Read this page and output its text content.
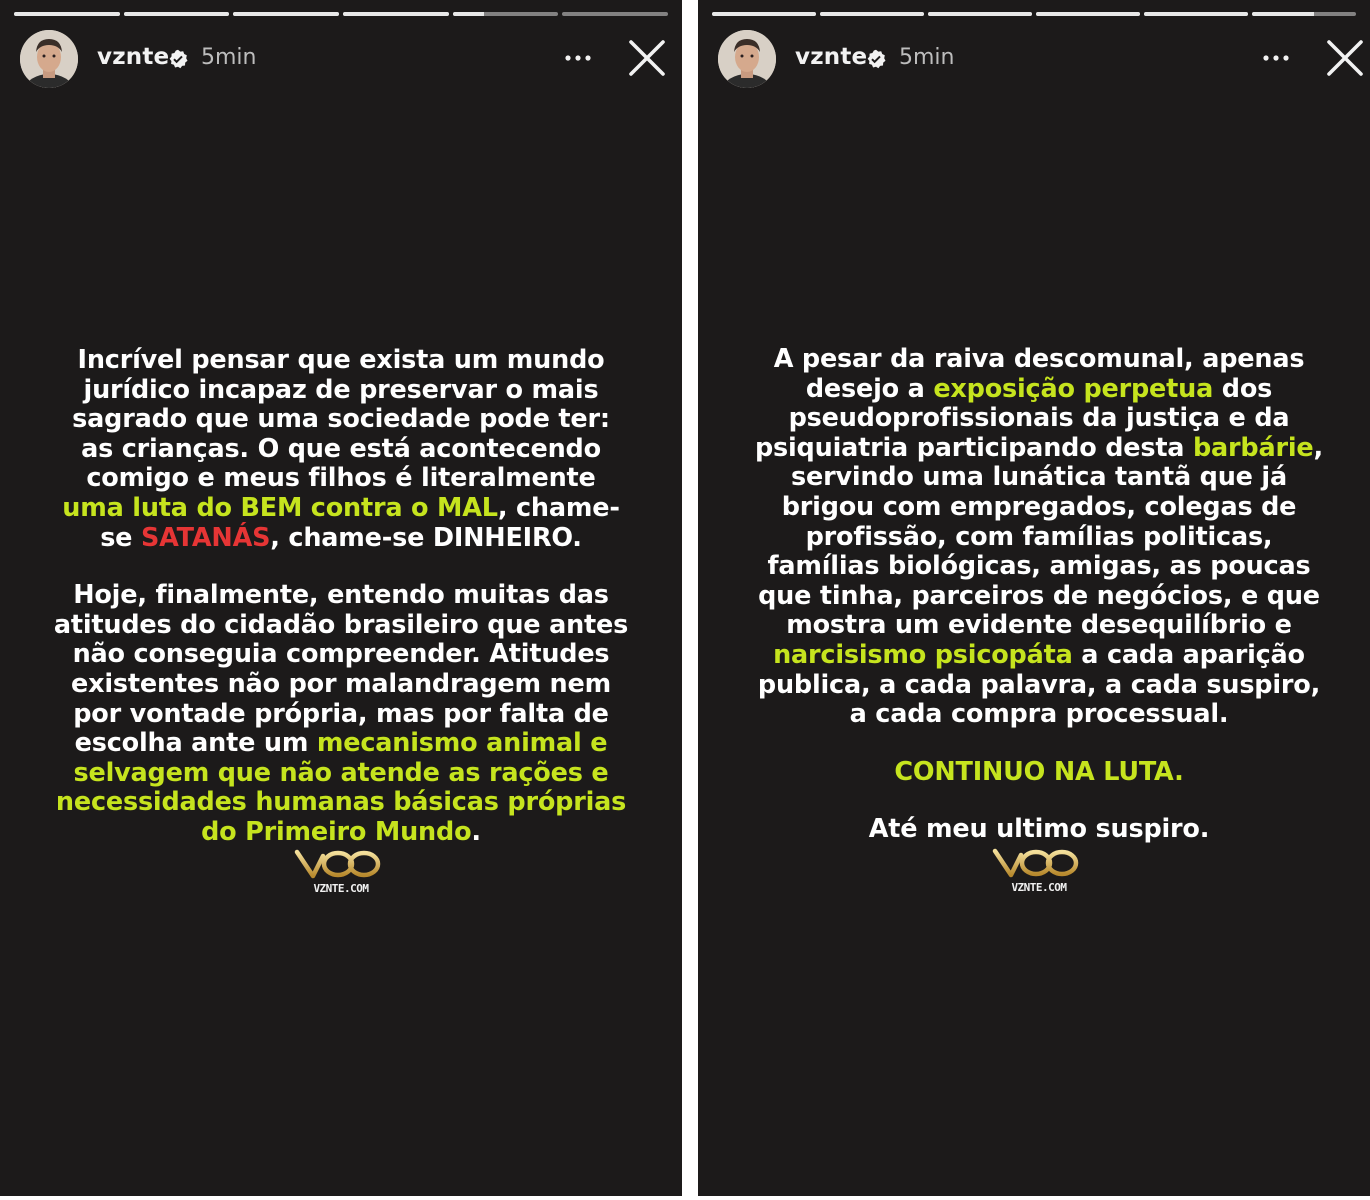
vznte 5min

Incrível pensar que exista um mundo jurídico incapaz de preservar o mais sagrado que uma sociedade pode ter: as crianças. O que está acontecendo comigo e meus filhos é literalmente uma luta do BEM contra o MAL, chame-se SATANÁS, chame-se DINHEIRO.

Hoje, finalmente, entendo muitas das atitudes do cidadão brasileiro que antes não conseguia compreender. Atitudes existentes não por malandragem nem por vontade própria, mas por falta de escolha ante um mecanismo animal e selvagem que não atende as rações e necessidades humanas básicas próprias do Primeiro Mundo.

VZNTE.COM
vznte 5min

A pesar da raiva descomunal, apenas desejo a exposição perpetua dos pseudoprofissionais da justiça e da psiquiatria participando desta barbárie, servindo uma lunática tantã que já brigou com empregados, colegas de profissão, com famílias politicas, famílias biológicas, amigas, as poucas que tinha, parceiros de negócios, e que mostra um evidente desequilíbrio e narcisismo psicopáta a cada aparição publica, a cada palavra, a cada suspiro, a cada compra processual.

CONTINUO NA LUTA.

Até meu ultimo suspiro.

VZNTE.COM
